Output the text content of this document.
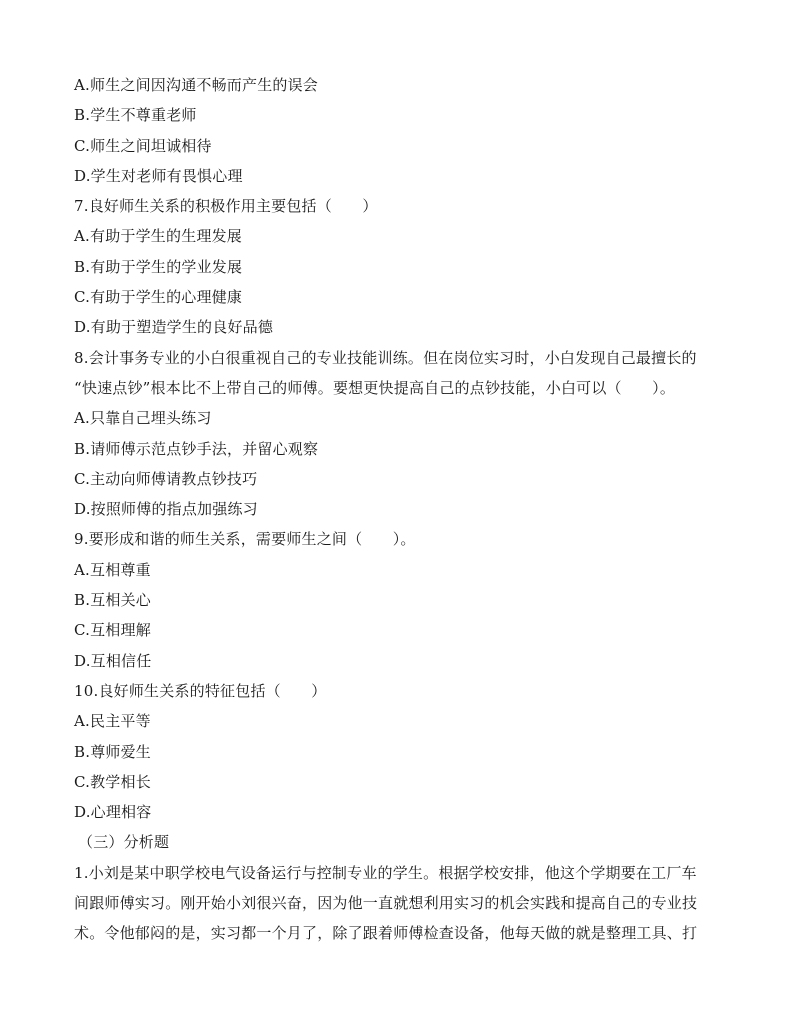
A.师生之间因沟通不畅而产生的误会
B.学生不尊重老师
C.师生之间坦诚相待
D.学生对老师有畏惧心理
7.良好师生关系的积极作用主要包括（　　）
A.有助于学生的生理发展
B.有助于学生的学业发展
C.有助于学生的心理健康
D.有助于塑造学生的良好品德
8.会计事务专业的小白很重视自己的专业技能训练。但在岗位实习时，小白发现自己最擅长的
“快速点钞”根本比不上带自己的师傅。要想更快提高自己的点钞技能，小白可以（　　）。
A.只靠自己埋头练习
B.请师傅示范点钞手法，并留心观察
C.主动向师傅请教点钞技巧
D.按照师傅的指点加强练习
9.要形成和谐的师生关系，需要师生之间（　　）。
A.互相尊重
B.互相关心
C.互相理解
D.互相信任
10.良好师生关系的特征包括（　　）
A.民主平等
B.尊师爱生
C.教学相长
D.心理相容
（三）分析题
1.小刘是某中职学校电气设备运行与控制专业的学生。根据学校安排，他这个学期要在工厂车
间跟师傅实习。刚开始小刘很兴奋，因为他一直就想利用实习的机会实践和提高自己的专业技
术。令他郁闷的是，实习都一个月了，除了跟着师傅检查设备，他每天做的就是整理工具、打
